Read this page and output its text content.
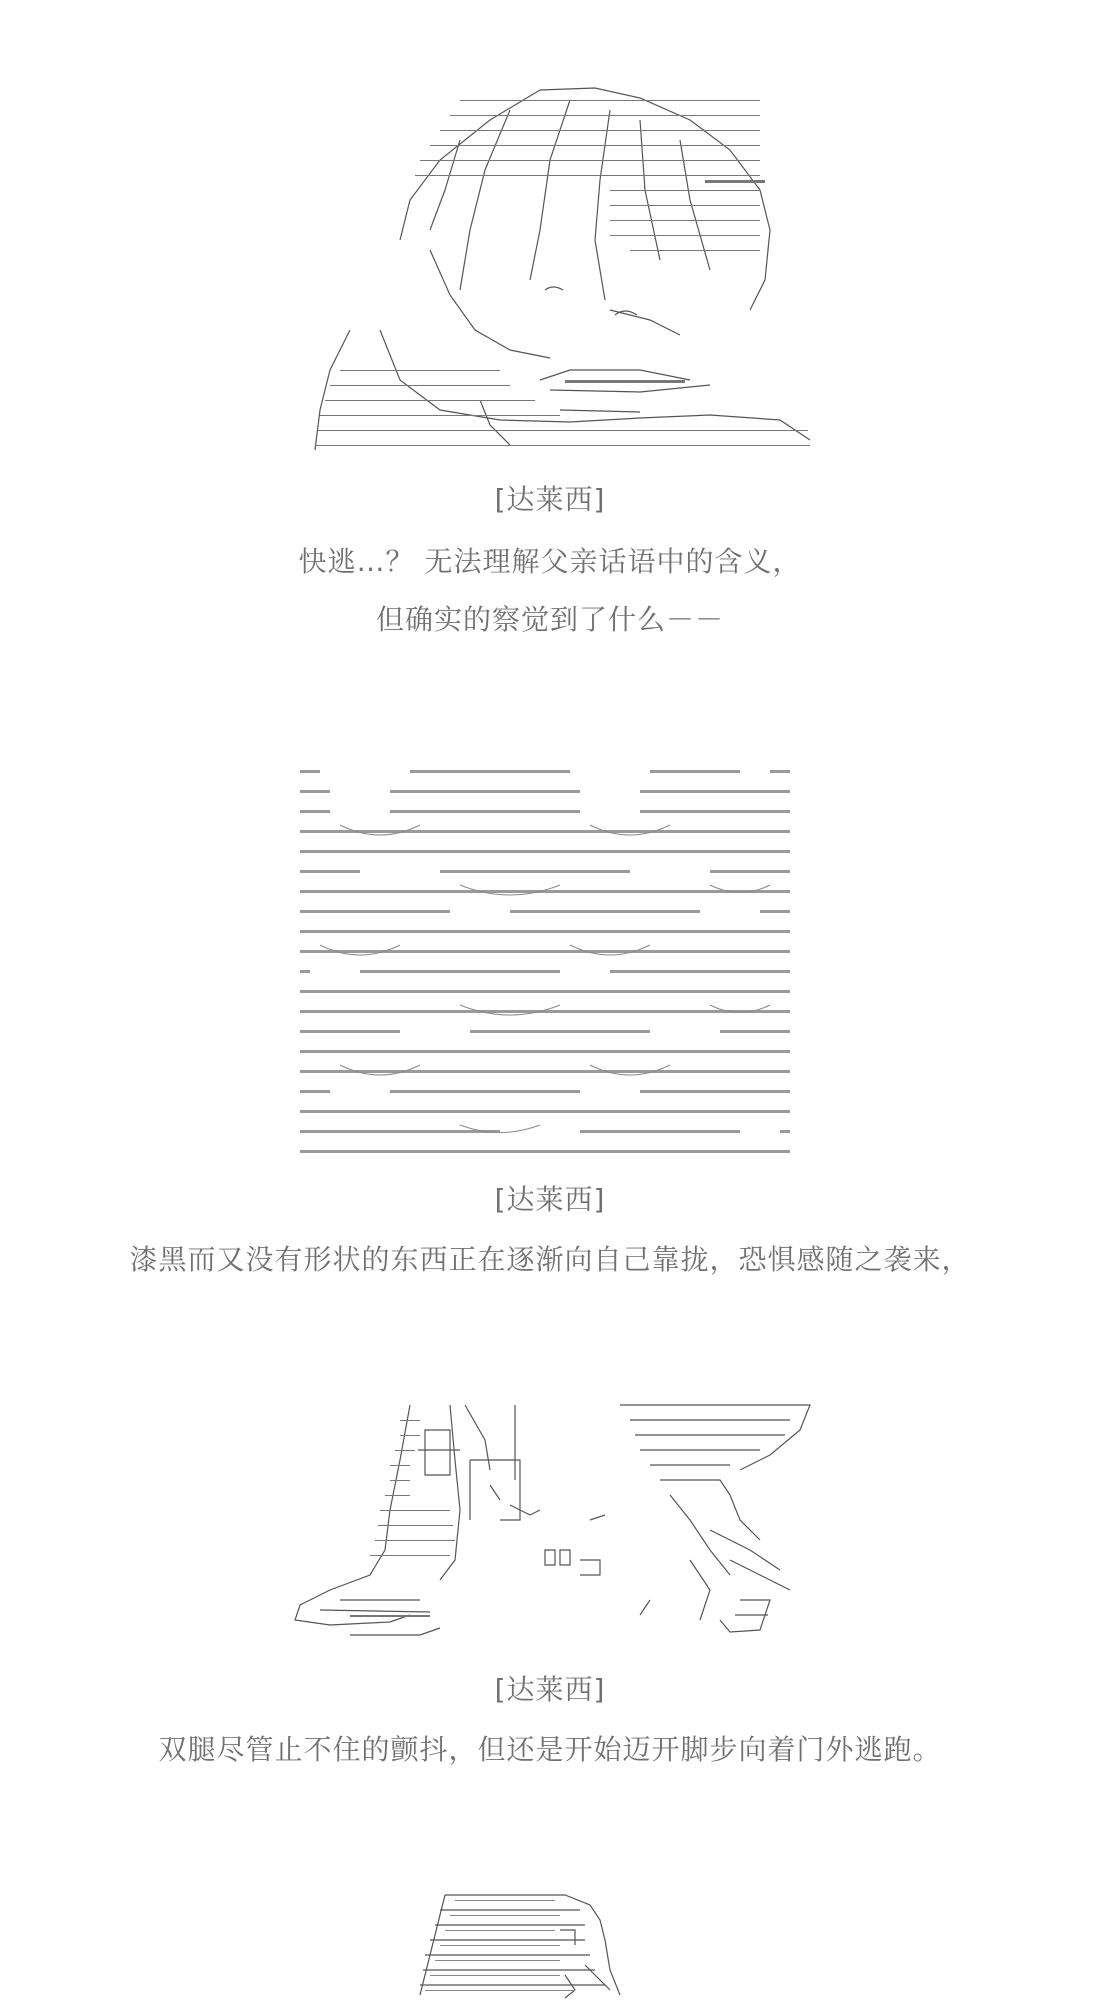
[达莱西]
快逃…？ 无法理解父亲话语中的含义，
但确实的察觉到了什么－－
[达莱西]
漆黑而又没有形状的东西正在逐渐向自己靠拢，恐惧感随之袭来，
[达莱西]
双腿尽管止不住的颤抖，但还是开始迈开脚步向着门外逃跑。
